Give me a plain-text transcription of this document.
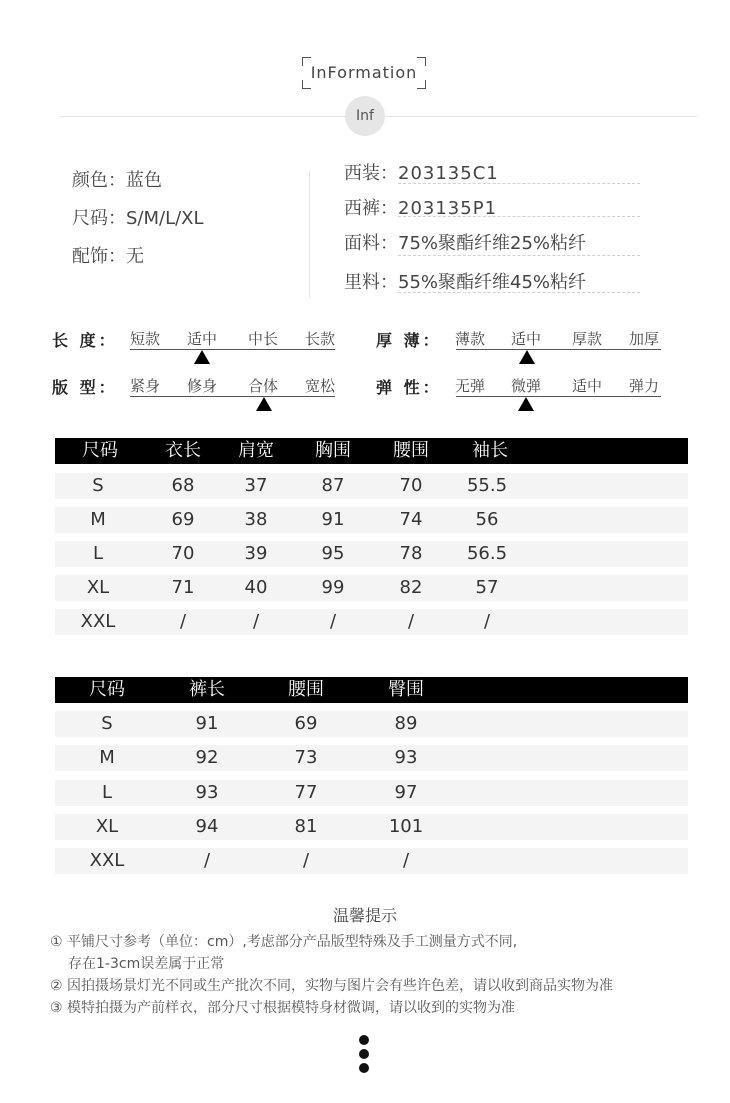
InFormation
Inf
颜色：蓝色
尺码：S/M/L/XL
配饰：无
西装：203135C1
西裤：203135P1
面料：75%聚酯纤维25%粘纤
里料：55%聚酯纤维45%粘纤
长 度： 短款 适中 中长 长款	厚 薄： 薄款 适中 厚款 加厚
版 型： 紧身 修身 合体 宽松	弹 性： 无弹 微弹 适中 弹力
尺码	衣长	肩宽	胸围	腰围	袖长
S	68	37	87	70	55.5
M	69	38	91	74	56
L	70	39	95	78	56.5
XL	71	40	99	82	57
XXL	/	/	/	/	/
尺码	裤长	腰围	臀围
S	91	69	89
M	92	73	93
L	93	77	97
XL	94	81	101
XXL	/	/	/
温馨提示
① 平铺尺寸参考（单位：cm）,考虑部分产品版型特殊及手工测量方式不同,
存在1-3cm误差属于正常
② 因拍摄场景灯光不同或生产批次不同，实物与图片会有些许色差，请以收到商品实物为准
③ 模特拍摄为产前样衣，部分尺寸根据模特身材微调，请以收到的实物为准
